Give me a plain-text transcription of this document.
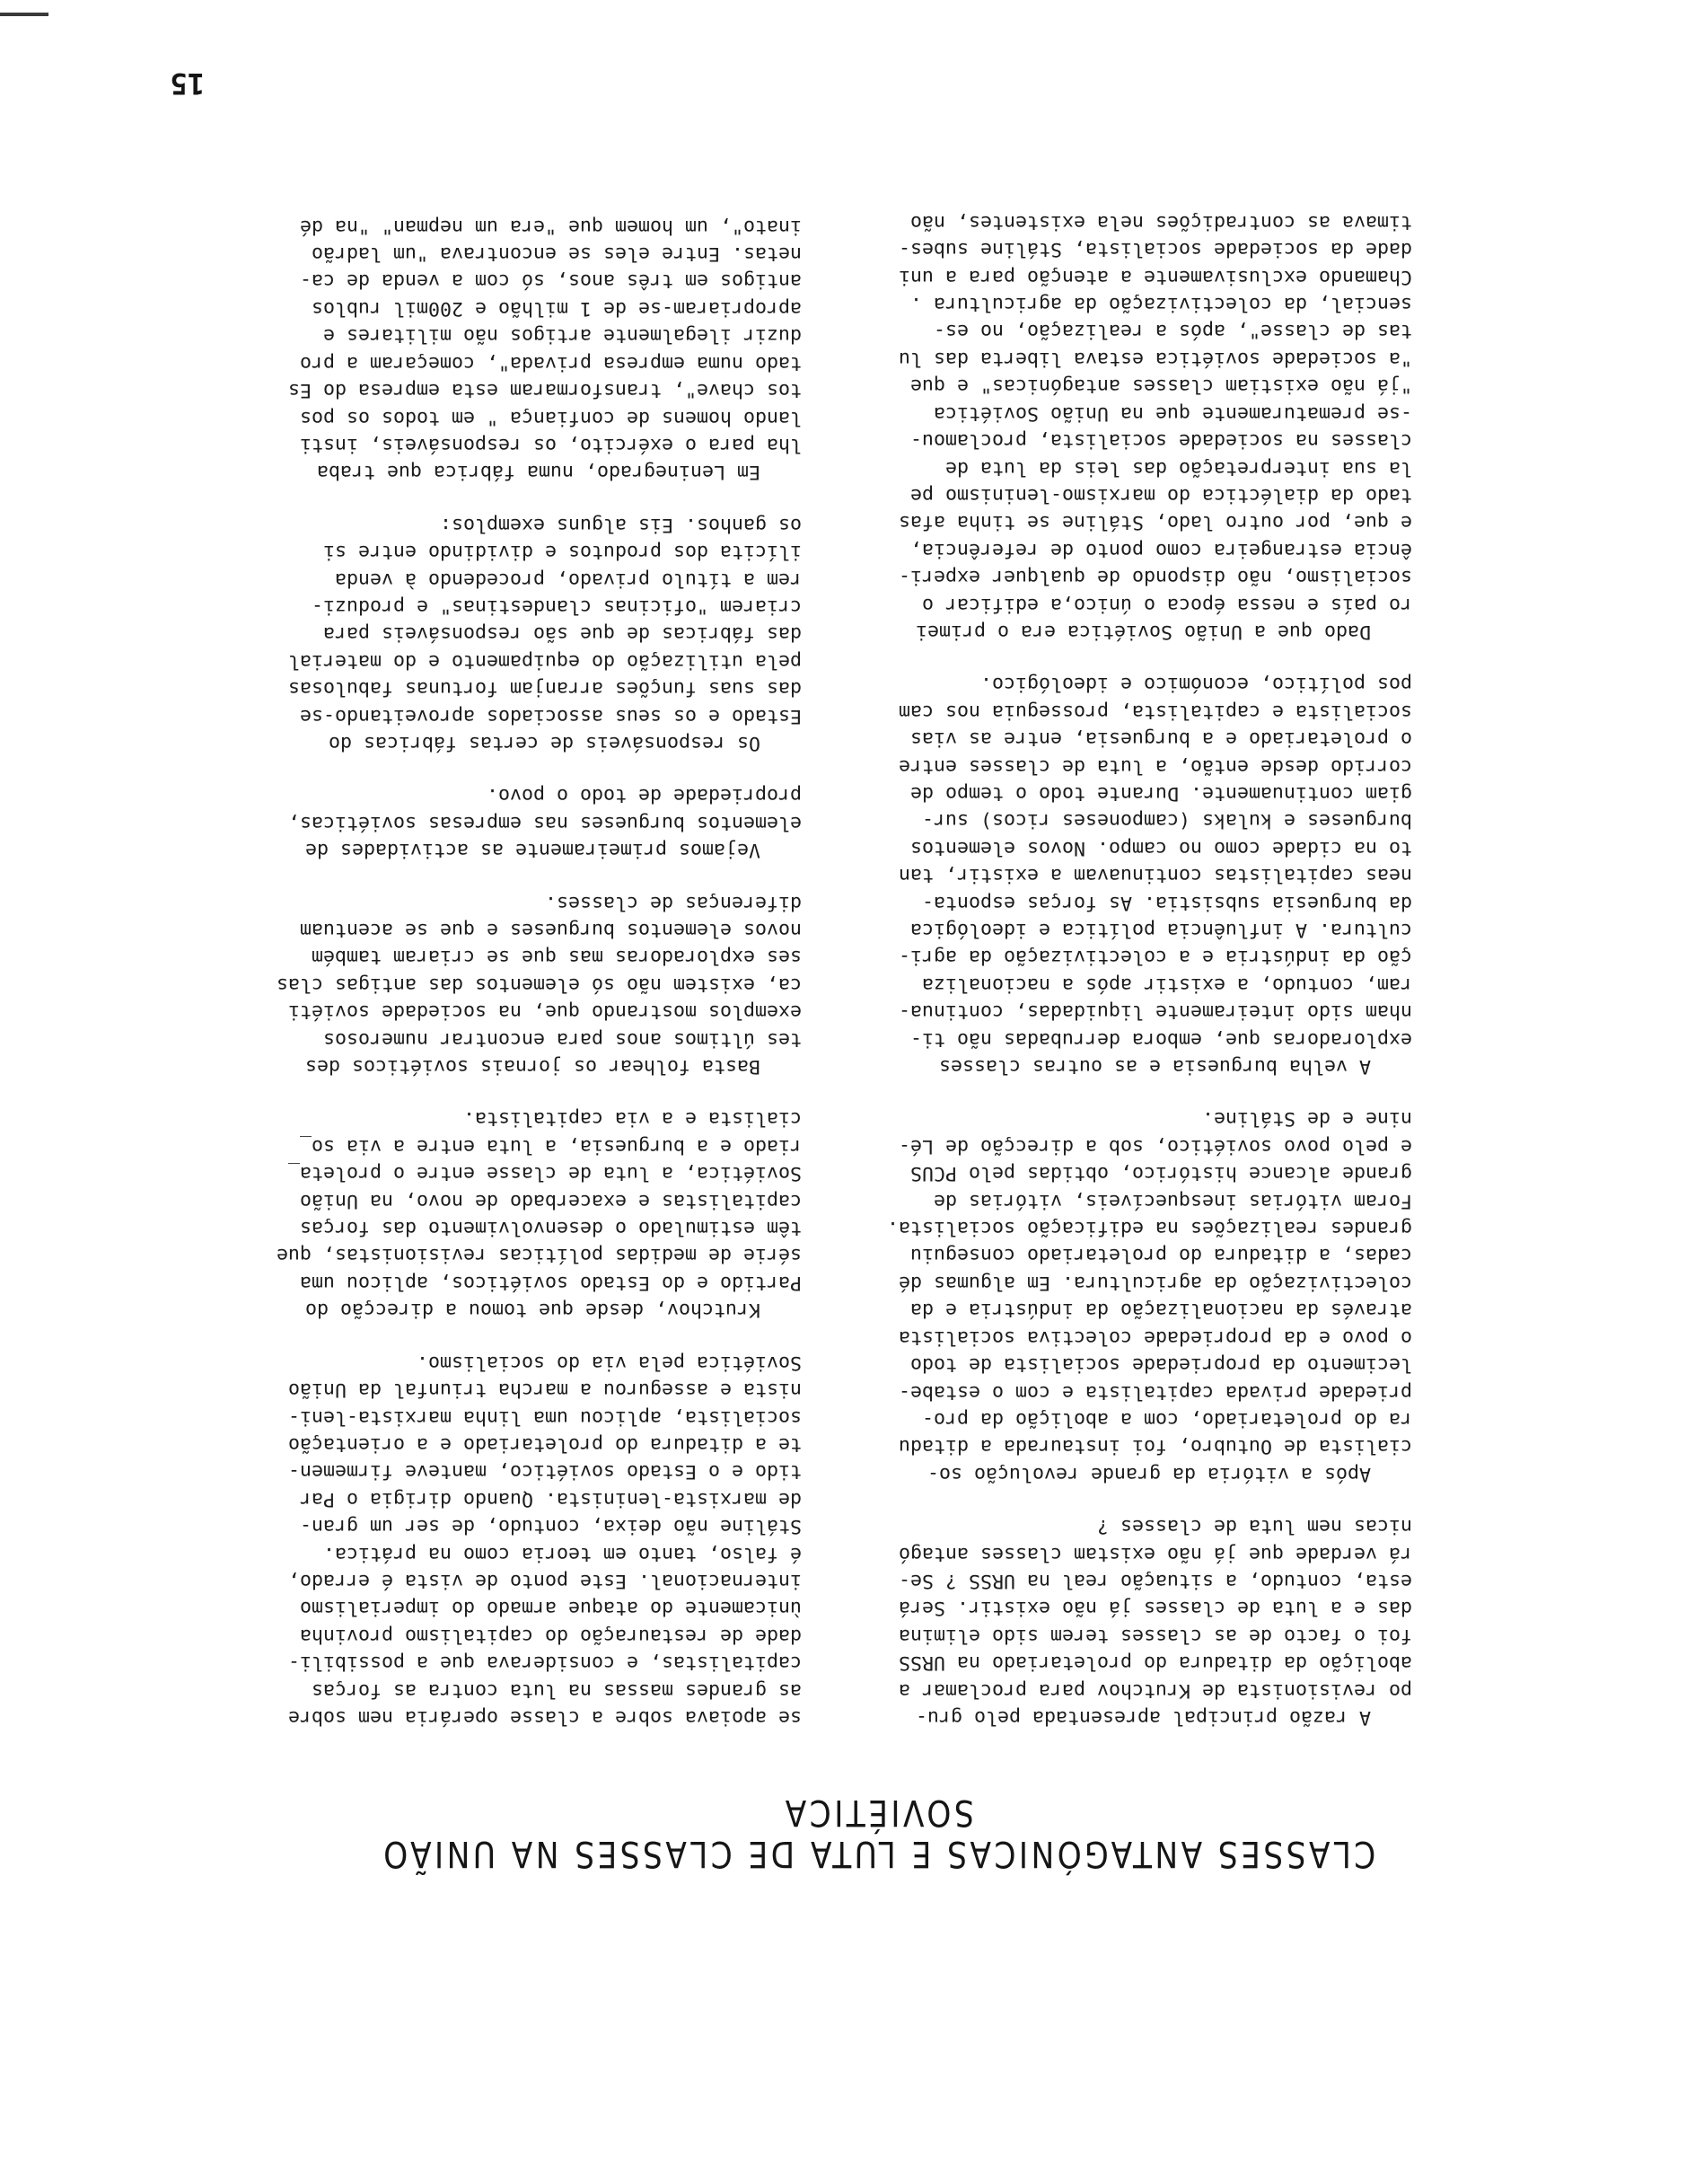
CLASSES ANTAGÓNICAS E LUTA DE CLASSES NA UNIÃO SOVIÉTICA

A razão principal apresentada pelo gru-
po revisionista de Krutchov para proclamar a
abolição da ditadura do proletariado na URSS
foi o facto de as classes terem sido elimina
das e a luta de classes já não existir. Será
esta, contudo, a situação real na URSS ? Se-
rá verdade que já não existam classes antagó
nicas nem luta de classes ?

Após a vitória da grande revolução so-
cialista de Outubro, foi instaurada a ditadu
ra do proletariado, com a abolição da pro-
priedade privada capitalista e com o estabe-
lecimento da propriedade socialista de todo
o povo e da propriedade colectiva socialista
através da nacionalização da indústria e da
colectivização da agricultura. Em algumas dé
cadas, a ditadura do proletariado conseguiu
grandes realizações na edificação socialista.
Foram vitórias inesquecíveis, vitórias de
grande alcance histórico, obtidas pelo PCUS
e pelo povo soviético, sob a direcção de Lé-
nine e de Stáline.

A velha burguesia e as outras classes
exploradoras que, embora derrubadas não ti-
nham sido inteiramente liquidadas, continua-
ram, contudo, a existir após a nacionaliza
ção da indústria e a colectivização da agri-
cultura. A influência política e ideológica
da burguesia subsistia. As forças esponta-
neas capitalistas continuavam a existir, tan
to na cidade como no campo. Novos elementos
burgueses e kulaks (camponeses ricos) sur-
giam continuamente. Durante todo o tempo de
corrido desde então, a luta de classes entre
o proletariado e a burguesia, entre as vias
socialista e capitalista, prosseguia nos cam
pos político, económico e ideológico.

Dado que a União Soviética era o primei
ro país e nessa época o único,a edificar o
socialismo, não dispondo de qualquer experi-
ência estrangeira como ponto de referência,
e que, por outro lado, Stáline se tinha afas
tado da dialéctica do marxismo-leninismo pe
la sua interpretação das leis da luta de
classes na sociedade socialista, proclamou-
-se prematuramente que na União Soviética
"já não existiam classes antagónicas" e que
"a sociedade soviética estava liberta das lu
tas de classe", após a realização, no es-
sencial, da colectivização da agricultura .
Chamando exclusivamente a atenção para a uni
dade da sociedade socialista, Stáline subes-
timava as contradições nela existentes, não

se apoiava sobre a classe operária nem sobre
as grandes massas na luta contra as forças
capitalistas, e considerava que a possibili-
dade de restauração do capitalismo provinha
ùnicamente do ataque armado do imperialismo
internacional. Este ponto de vista é errado,
é falso, tanto em teoria como na prática.
Stáline não deixa, contudo, de ser um gran-
de marxista-leninista. Quando dirigia o Par
tido e o Estado soviético, manteve firmemen-
te a ditadura do proletariado e a orientação
socialista, aplicou uma linha marxista-leni-
nista e assegurou a marcha triunfal da União
Soviética pela via do socialismo.

Krutchov, desde que tomou a direcção do
Partido e do Estado soviéticos, aplicou uma
série de medidas políticas revisionistas, que
têm estimulado o desenvolvimento das forças
capitalistas e exacerbado de novo, na União
Soviética, a luta de classe entre o proleta_
riado e a burguesia, a luta entre a via so_
cialista e a via capitalista.

Basta folhear os jornais soviéticos des
tes últimos anos para encontrar numerosos
exemplos mostrando que, na sociedade soviéti
ca, existem não só elementos das antigas clas
ses exploradoras mas que se criaram também
novos elementos burgueses e que se acentuam
diferenças de classes.

Vejamos primeiramente as actividades de
elementos burgueses nas empresas soviéticas,
propriedade de todo o povo.

Os responsáveis de certas fábricas do
Estado e os seus associados aproveitando-se
das suas funções arranjam fortunas fabulosas
pela utilização do equipamento e do material
das fábricas de que são responsáveis para
criarem "oficinas clandestinas" e produzi-
rem a título privado, procedendo à venda
ilícita dos produtos e dividindo entre si
os ganhos. Eis alguns exemplos:

Em Leninegrado, numa fábrica que traba
lha para o exército, os responsáveis, insti
lando homens de confiança " em todos os pos
tos chave", transformaram esta empresa do Es
tado numa empresa privada", começaram a pro
duzir ilegalmente artigos não militares e
apropriaram-se de 1 milhão e 200mil rublos
antigos em três anos, só com a venda de ca-
netas. Entre eles se encontrava "um ladrão
inato", um homem que "era um nepman" "na dé

15
